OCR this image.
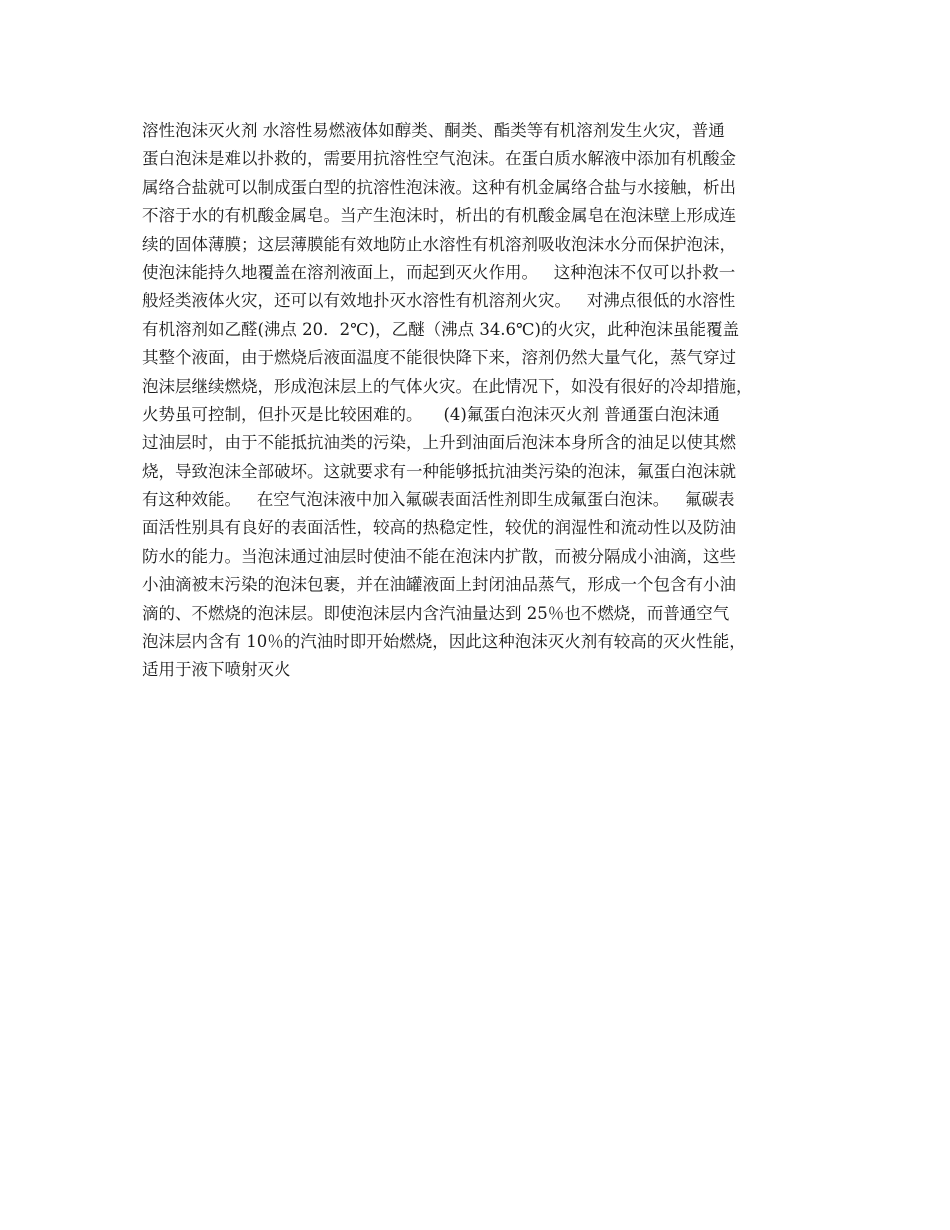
溶性泡沫灭火剂 水溶性易燃液体如醇类、酮类、酯类等有机溶剂发生火灾，普通
蛋白泡沫是难以扑救的，需要用抗溶性空气泡沫。在蛋白质水解液中添加有机酸金
属络合盐就可以制成蛋白型的抗溶性泡沫液。这种有机金属络合盐与水接触，析出
不溶于水的有机酸金属皂。当产生泡沫时，析出的有机酸金属皂在泡沫壁上形成连
续的固体薄膜；这层薄膜能有效地防止水溶性有机溶剂吸收泡沫水分而保护泡沫，
使泡沫能持久地覆盖在溶剂液面上，而起到灭火作用。   这种泡沫不仅可以扑救一
般烃类液体火灾，还可以有效地扑灭水溶性有机溶剂火灾。   对沸点很低的水溶性
有机溶剂如乙醛(沸点 20．2℃)，乙醚（沸点 34.6℃)的火灾，此种泡沫虽能覆盖
其整个液面，由于燃烧后液面温度不能很快降下来，溶剂仍然大量气化，蒸气穿过
泡沫层继续燃烧，形成泡沫层上的气体火灾。在此情况下，如没有很好的冷却措施，
火势虽可控制，但扑灭是比较困难的。    (4)氟蛋白泡沫灭火剂 普通蛋白泡沫通
过油层时，由于不能抵抗油类的污染，上升到油面后泡沫本身所含的油足以使其燃
烧，导致泡沫全部破坏。这就要求有一种能够抵抗油类污染的泡沫，氟蛋白泡沫就
有这种效能。   在空气泡沫液中加入氟碳表面活性剂即生成氟蛋白泡沫。   氟碳表
面活性别具有良好的表面活性，较高的热稳定性，较优的润湿性和流动性以及防油
防水的能力。当泡沫通过油层时使油不能在泡沫内扩散，而被分隔成小油滴，这些
小油滴被末污染的泡沫包裹，并在油罐液面上封闭油品蒸气，形成一个包含有小油
滴的、不燃烧的泡沫层。即使泡沫层内含汽油量达到 25％也不燃烧，而普通空气
泡沫层内含有 10％的汽油时即开始燃烧，因此这种泡沫灭火剂有较高的灭火性能，
适用于液下喷射灭火
